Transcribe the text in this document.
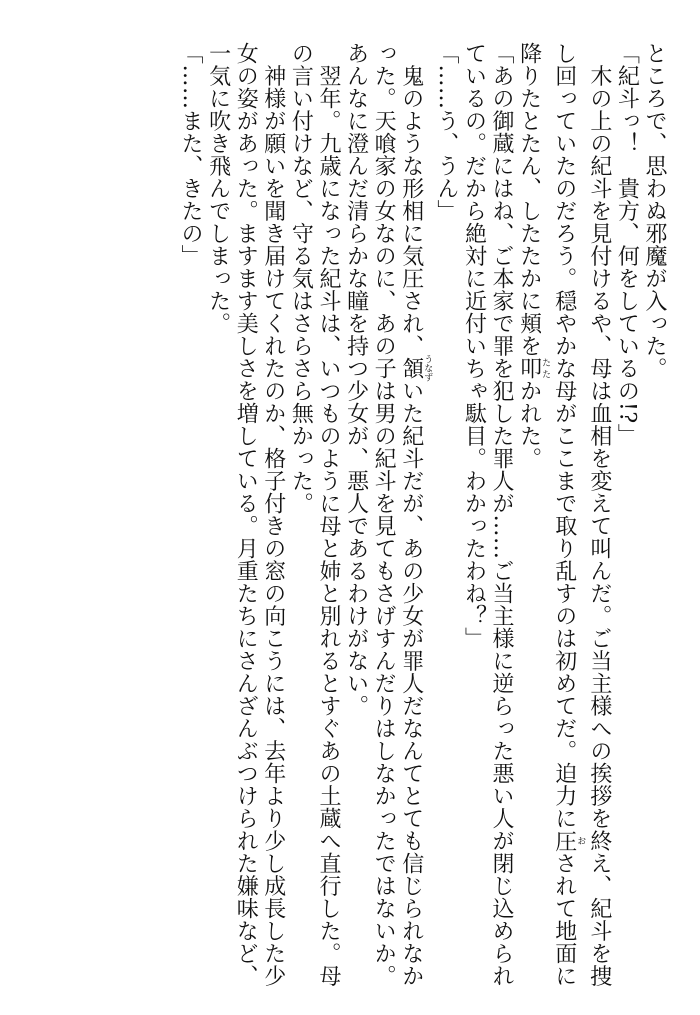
ところで、思わぬ邪魔が入った。
「紀斗っ！　貴方、何をしているの!?」
　木の上の紀斗を見付けるや、母は血相を変えて叫んだ。ご当主様への挨拶を終え、紀斗を捜
し回っていたのだろう。穏やかな母がここまで取り乱すのは初めてだ。迫力に圧おされて地面に
降りたとたん、したたかに頬を叩たたかれた。
「あの御蔵にはね、ご本家で罪を犯した罪人が……ご当主様に逆らった悪い人が閉じ込められ
ているの。だから絶対に近付いちゃ駄目。わかったわね？」
「……う、うん」
　鬼のような形相に気圧され、頷うなずいた紀斗だが、あの少女が罪人だなんてとても信じられなか
った。天喰家の女なのに、あの子は男の紀斗を見てもさげすんだりはしなかったではないか。
あんなに澄んだ清らかな瞳を持つ少女が、悪人であるわけがない。
　翌年。九歳になった紀斗は、いつものように母と姉と別れるとすぐあの土蔵へ直行した。母
の言い付けなど、守る気はさらさら無かった。
　神様が願いを聞き届けてくれたのか、格子付きの窓の向こうには、去年より少し成長した少
女の姿があった。ますます美しさを増している。月重たちにさんざんぶつけられた嫌味など、
一気に吹き飛んでしまった。
「……また、きたの」
